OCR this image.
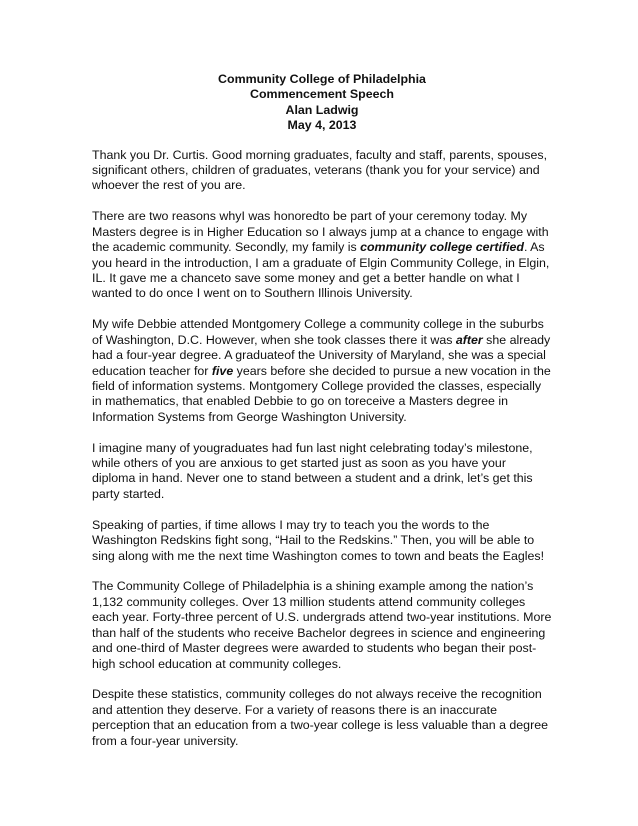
Community College of Philadelphia
Commencement Speech
Alan Ladwig
May 4, 2013

Thank you Dr. Curtis. Good morning graduates, faculty and staff, parents, spouses, significant others, children of graduates, veterans (thank you for your service) and whoever the rest of you are.

There are two reasons whyI was honoredto be part of your ceremony today. My Masters degree is in Higher Education so I always jump at a chance to engage with the academic community. Secondly, my family is community college certified. As you heard in the introduction, I am a graduate of Elgin Community College, in Elgin, IL. It gave me a chanceto save some money and get a better handle on what I wanted to do once I went on to Southern Illinois University.

My wife Debbie attended Montgomery College a community college in the suburbs of Washington, D.C. However, when she took classes there it was after she already had a four-year degree. A graduateof the University of Maryland, she was a special education teacher for five years before she decided to pursue a new vocation in the field of information systems. Montgomery College provided the classes, especially in mathematics, that enabled Debbie to go on toreceive a Masters degree in Information Systems from George Washington University.

I imagine many of yougraduates had fun last night celebrating today’s milestone, while others of you are anxious to get started just as soon as you have your diploma in hand. Never one to stand between a student and a drink, let’s get this party started.

Speaking of parties, if time allows I may try to teach you the words to the Washington Redskins fight song, “Hail to the Redskins.” Then, you will be able to sing along with me the next time Washington comes to town and beats the Eagles!

The Community College of Philadelphia is a shining example among the nation’s 1,132 community colleges. Over 13 million students attend community colleges each year. Forty-three percent of U.S. undergrads attend two-year institutions. More than half of the students who receive Bachelor degrees in science and engineering and one-third of Master degrees were awarded to students who began their post-high school education at community colleges.

Despite these statistics, community colleges do not always receive the recognition and attention they deserve. For a variety of reasons there is an inaccurate perception that an education from a two-year college is less valuable than a degree from a four-year university.
